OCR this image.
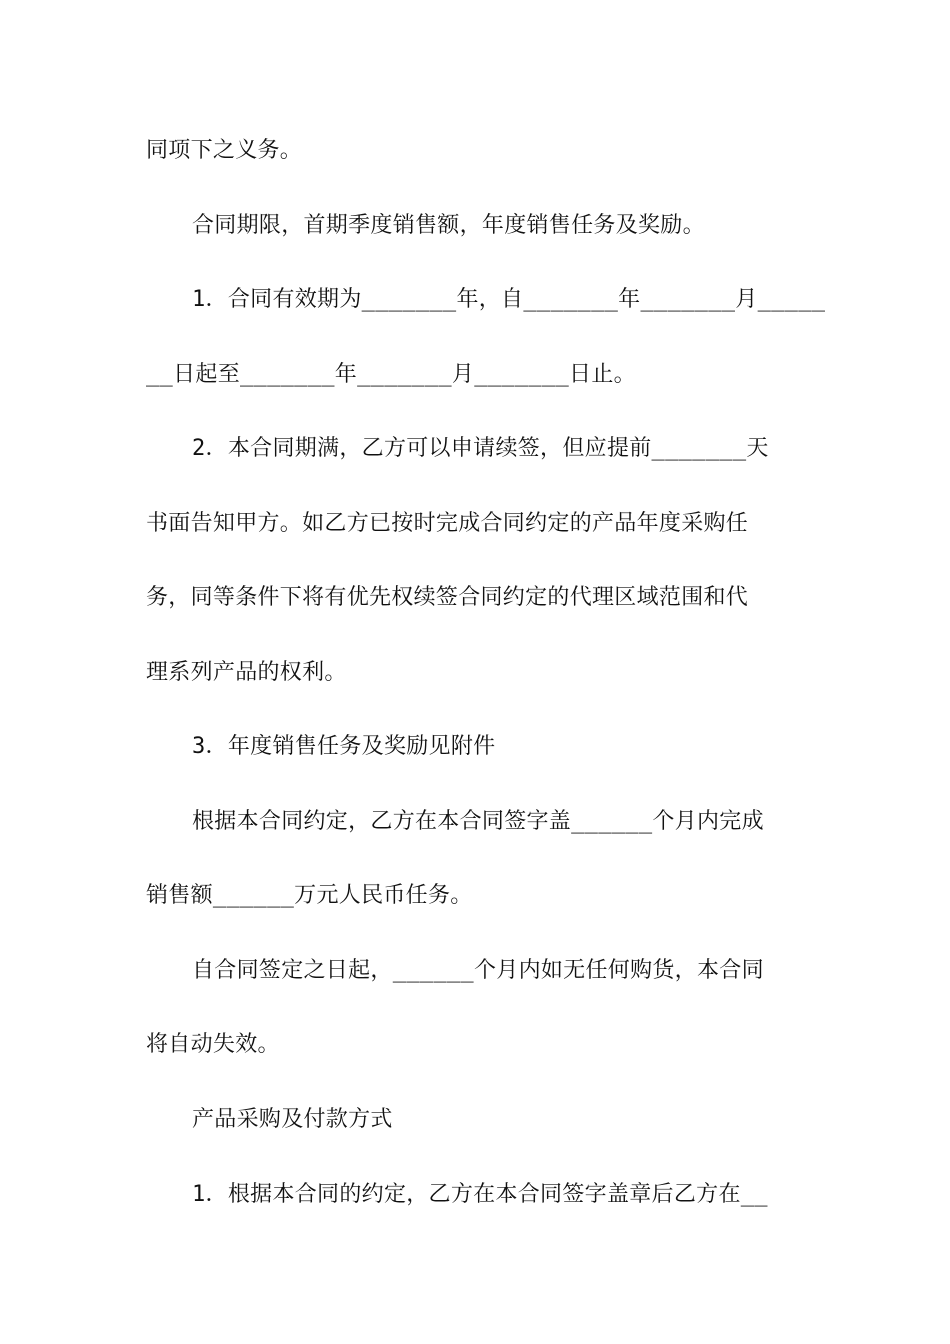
同项下之义务。
合同期限，首期季度销售额，年度销售任务及奖励。
1．合同有效期为_______年，自_______年_______月_____
__日起至_______年_______月_______日止。
2．本合同期满，乙方可以申请续签，但应提前_______天
书面告知甲方。如乙方已按时完成合同约定的产品年度采购任
务，同等条件下将有优先权续签合同约定的代理区域范围和代
理系列产品的权利。
3．年度销售任务及奖励见附件
根据本合同约定，乙方在本合同签字盖______个月内完成
销售额______万元人民币任务。
自合同签定之日起，______个月内如无任何购货，本合同
将自动失效。
产品采购及付款方式
1．根据本合同的约定，乙方在本合同签字盖章后乙方在__
